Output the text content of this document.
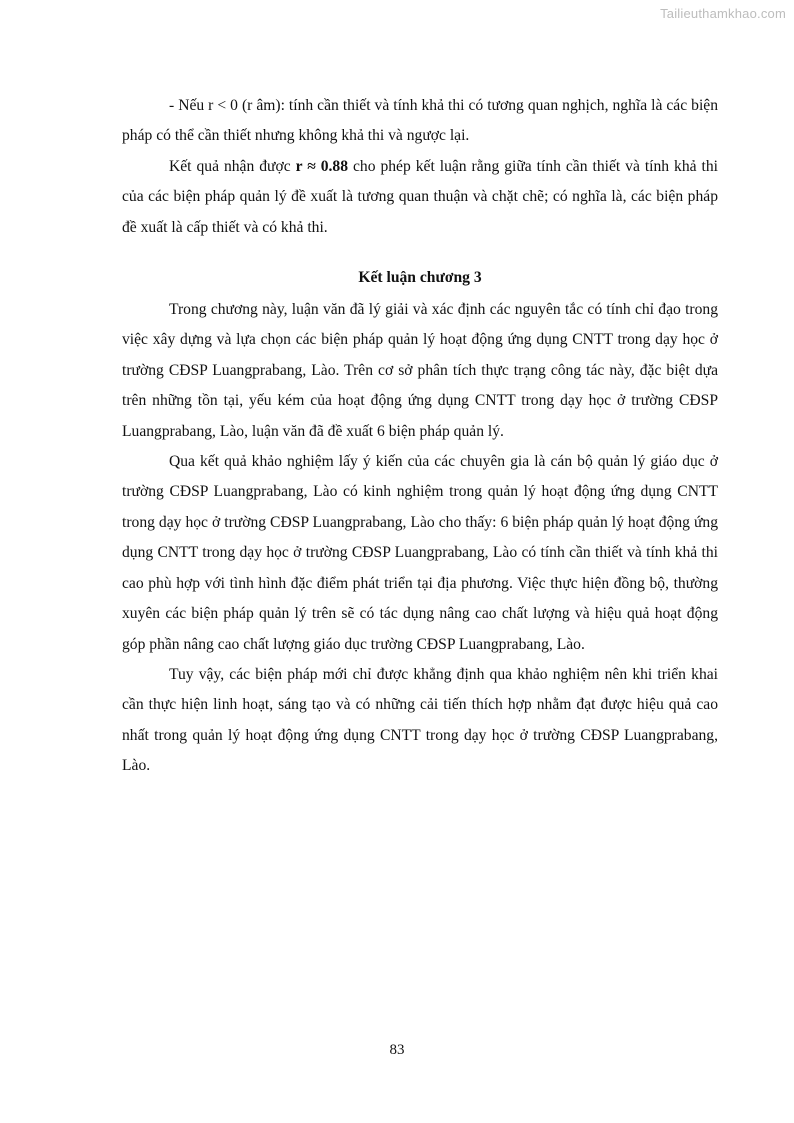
Tailieuthamkhao.com

- Nếu r < 0 (r âm): tính cần thiết và tính khả thi có tương quan nghịch, nghĩa là các biện pháp có thể cần thiết nhưng không khả thi và ngược lại.

Kết quả nhận được r ≈ 0.88 cho phép kết luận rằng giữa tính cần thiết và tính khả thi của các biện pháp quản lý đề xuất là tương quan thuận và chặt chẽ; có nghĩa là, các biện pháp đề xuất là cấp thiết và có khả thi.

Kết luận chương 3

Trong chương này, luận văn đã lý giải và xác định các nguyên tắc có tính chỉ đạo trong việc xây dựng và lựa chọn các biện pháp quản lý hoạt động ứng dụng CNTT trong dạy học ở trường CĐSP Luangprabang, Lào. Trên cơ sở phân tích thực trạng công tác này, đặc biệt dựa trên những tồn tại, yếu kém của hoạt động ứng dụng CNTT trong dạy học ở trường CĐSP Luangprabang, Lào, luận văn đã đề xuất 6 biện pháp quản lý.

Qua kết quả khảo nghiệm lấy ý kiến của các chuyên gia là cán bộ quản lý giáo dục ở trường CĐSP Luangprabang, Lào có kinh nghiệm trong quản lý hoạt động ứng dụng CNTT trong dạy học ở trường CĐSP Luangprabang, Lào cho thấy: 6 biện pháp quản lý hoạt động ứng dụng CNTT trong dạy học ở trường CĐSP Luangprabang, Lào có tính cần thiết và tính khả thi cao phù hợp với tình hình đặc điểm phát triển tại địa phương. Việc thực hiện đồng bộ, thường xuyên các biện pháp quản lý trên sẽ có tác dụng nâng cao chất lượng và hiệu quả hoạt động góp phần nâng cao chất lượng giáo dục trường CĐSP Luangprabang, Lào.

Tuy vậy, các biện pháp mới chỉ được khẳng định qua khảo nghiệm nên khi triển khai cần thực hiện linh hoạt, sáng tạo và có những cải tiến thích hợp nhằm đạt được hiệu quả cao nhất trong quản lý hoạt động ứng dụng CNTT trong dạy học ở trường CĐSP Luangprabang, Lào.

83
